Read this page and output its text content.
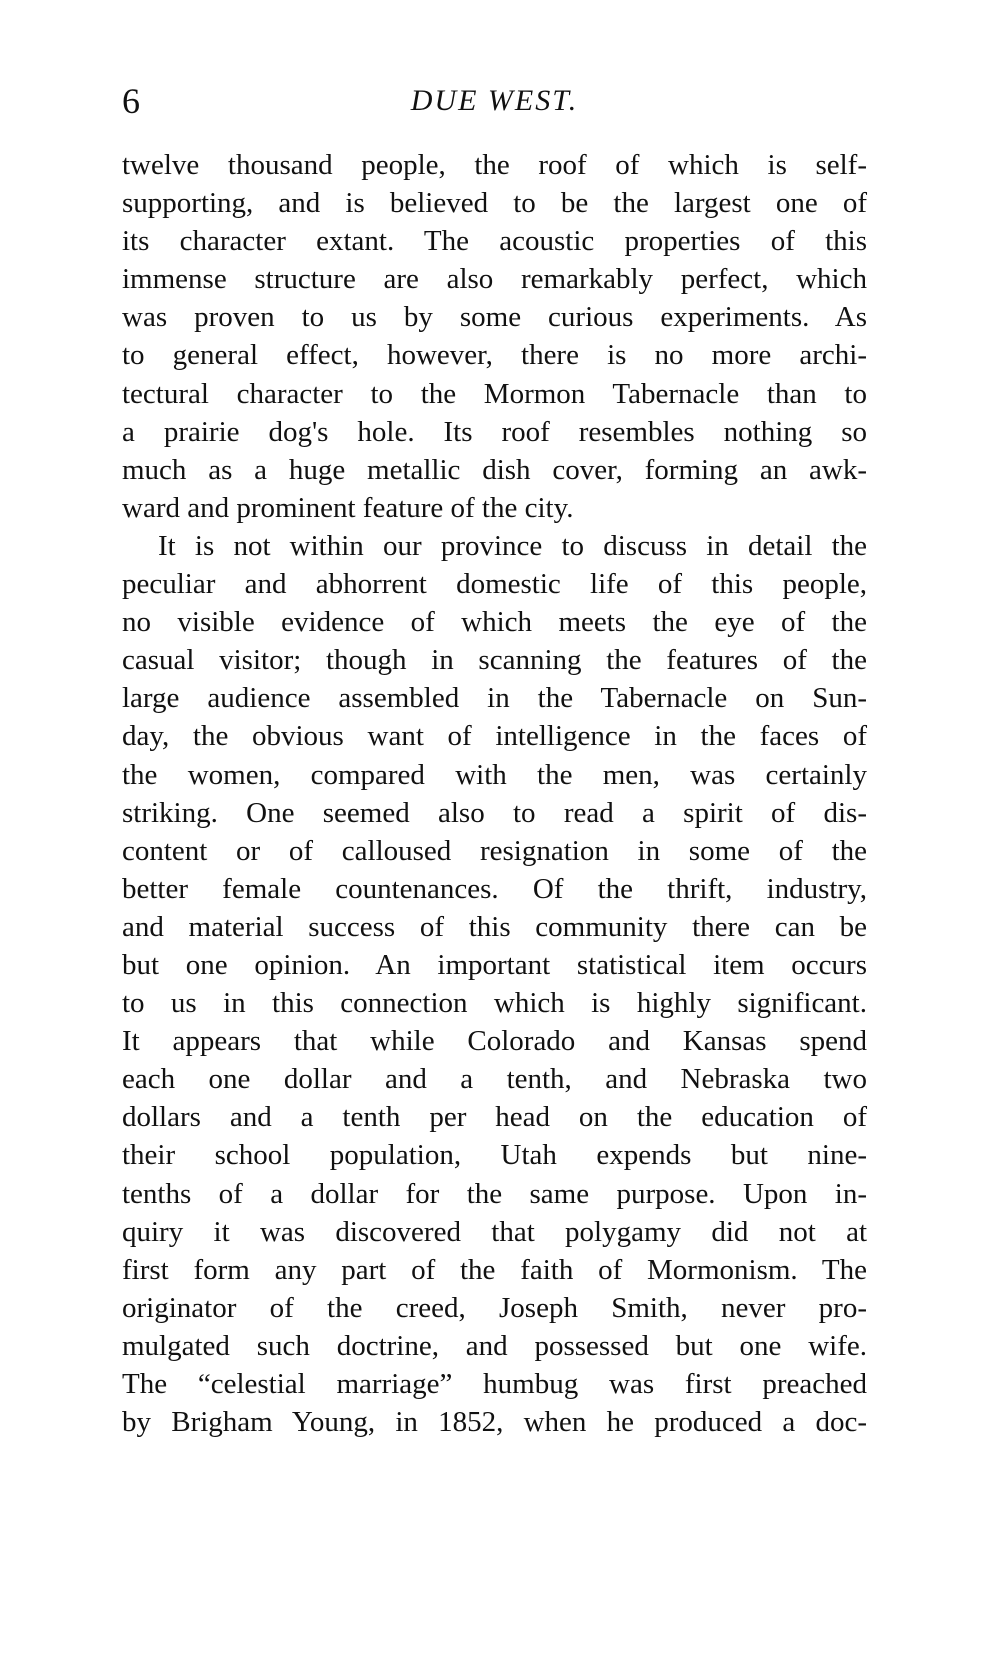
6	DUE WEST.
twelve thousand people, the roof of which is self-
supporting, and is believed to be the largest one of
its character extant. The acoustic properties of this
immense structure are also remarkably perfect, which
was proven to us by some curious experiments. As
to general effect, however, there is no more archi-
tectural character to the Mormon Tabernacle than to
a prairie dog's hole. Its roof resembles nothing so
much as a huge metallic dish cover, forming an awk-
ward and prominent feature of the city.
It is not within our province to discuss in detail the
peculiar and abhorrent domestic life of this people,
no visible evidence of which meets the eye of the
casual visitor; though in scanning the features of the
large audience assembled in the Tabernacle on Sun-
day, the obvious want of intelligence in the faces of
the women, compared with the men, was certainly
striking. One seemed also to read a spirit of dis-
content or of calloused resignation in some of the
better female countenances. Of the thrift, industry,
and material success of this community there can be
but one opinion. An important statistical item occurs
to us in this connection which is highly significant.
It appears that while Colorado and Kansas spend
each one dollar and a tenth, and Nebraska two
dollars and a tenth per head on the education of
their school population, Utah expends but nine-
tenths of a dollar for the same purpose. Upon in-
quiry it was discovered that polygamy did not at
first form any part of the faith of Mormonism. The
originator of the creed, Joseph Smith, never pro-
mulgated such doctrine, and possessed but one wife.
The “celestial marriage” humbug was first preached
by Brigham Young, in 1852, when he produced a doc-
